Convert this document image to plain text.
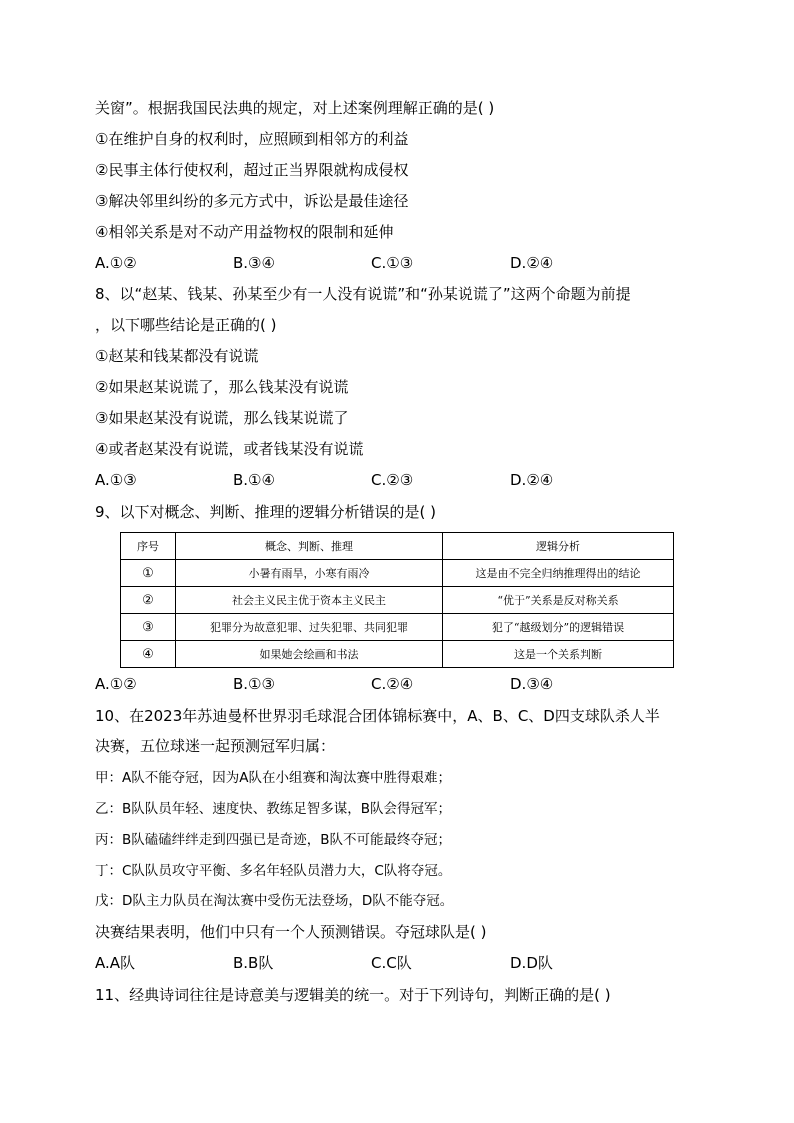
关窗”。根据我国民法典的规定，对上述案例理解正确的是( )
①在维护自身的权利时，应照顾到相邻方的利益
②民事主体行使权利，超过正当界限就构成侵权
③解决邻里纠纷的多元方式中，诉讼是最佳途径
④相邻关系是对不动产用益物权的限制和延伸
A.①②	B.③④	C.①③	D.②④
8、以“赵某、钱某、孙某至少有一人没有说谎”和“孙某说谎了”这两个命题为前提
，以下哪些结论是正确的( )
①赵某和钱某都没有说谎
②如果赵某说谎了，那么钱某没有说谎
③如果赵某没有说谎，那么钱某说谎了
④或者赵某没有说谎，或者钱某没有说谎
A.①③	B.①④	C.②③	D.②④
9、以下对概念、判断、推理的逻辑分析错误的是( )
序号	概念、判断、推理	逻辑分析
①	小暑有雨旱，小寒有雨冷	这是由不完全归纳推理得出的结论
②	社会主义民主优于资本主义民主	“优于”关系是反对称关系
③	犯罪分为故意犯罪、过失犯罪、共同犯罪	犯了“越级划分”的逻辑错误
④	如果她会绘画和书法	这是一个关系判断
A.①②	B.①③	C.②④	D.③④
10、在2023年苏迪曼杯世界羽毛球混合团体锦标赛中，A、B、C、D四支球队杀人半
决赛，五位球迷一起预测冠军归属：
甲：A队不能夺冠，因为A队在小组赛和淘汰赛中胜得艰难；
乙：B队队员年轻、速度快、教练足智多谋，B队会得冠军；
丙：B队磕磕绊绊走到四强已是奇迹，B队不可能最终夺冠；
丁：C队队员攻守平衡、多名年轻队员潜力大，C队将夺冠。
戊：D队主力队员在淘汰赛中受伤无法登场，D队不能夺冠。
决赛结果表明，他们中只有一个人预测错误。夺冠球队是( )
A.A队	B.B队	C.C队	D.D队
11、经典诗词往往是诗意美与逻辑美的统一。对于下列诗句，判断正确的是( )
